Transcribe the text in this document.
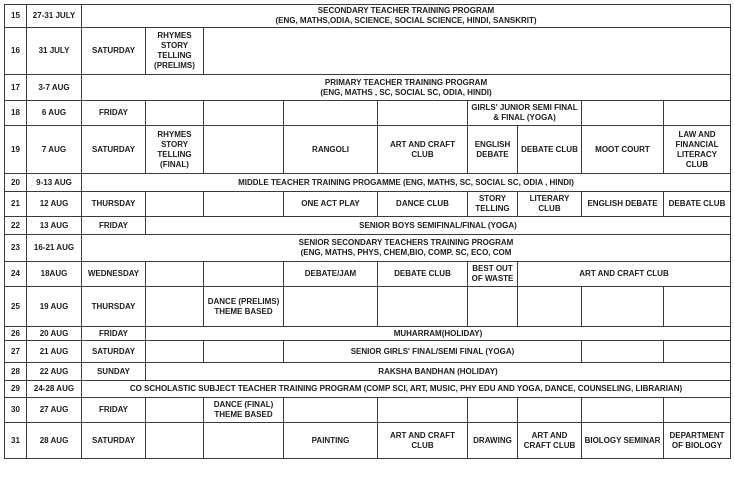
15	27-31 JULY	SECONDARY TEACHER TRAINING PROGRAM
(ENG, MATHS,ODIA, SCIENCE, SOCIAL SCIENCE, HINDI, SANSKRIT)								

16	31 JULY	SATURDAY	RHYMES STORY TELLING (PRELIMS)							
17	3-7 AUG	PRIMARY TEACHER TRAINING PROGRAM
(ENG, MATHS , SC, SOCIAL SC, ODIA, HINDI)								

18	6 AUG	FRIDAY					GIRLS' JUNIOR SEMI FINAL & FINAL (YOGA)			
19	7 AUG	SATURDAY	RHYMES STORY TELLING (FINAL)		RANGOLI	ART AND CRAFT CLUB	ENGLISH DEBATE	DEBATE CLUB	MOOT COURT	LAW AND FINANCIAL LITERACY CLUB
20	9-13 AUG	MIDDLE TEACHER TRAINING PROGAMME (ENG, MATHS, SC, SOCIAL SC, ODIA , HINDI)								
21	12 AUG	THURSDAY			ONE ACT PLAY	DANCE CLUB	STORY TELLING	LITERARY CLUB	ENGLISH DEBATE	DEBATE CLUB
22	13 AUG	FRIDAY	SENIOR BOYS SEMIFINAL/FINAL (YOGA)							
23	16-21 AUG	SENIOR SECONDARY TEACHERS TRAINING PROGRAM
(ENG, MATHS, PHYS, CHEM,BIO, COMP. SC, ECO, COM								

24	18AUG	WEDNESDAY			DEBATE/JAM	DEBATE CLUB	BEST OUT OF WASTE	ART AND CRAFT CLUB		
25	19 AUG	THURSDAY		DANCE (PRELIMS) THEME BASED						
26	20 AUG	FRIDAY	MUHARRAM(HOLIDAY)							
27	21 AUG	SATURDAY			SENIOR GIRLS' FINAL/SEMI FINAL (YOGA)					
28	22 AUG	SUNDAY	RAKSHA BANDHAN (HOLIDAY)							
29	24-28 AUG	CO SCHOLASTIC SUBJECT TEACHER TRAINING PROGRAM (COMP SCI, ART, MUSIC, PHY EDU AND YOGA, DANCE, COUNSELING, LIBRARIAN)								
30	27 AUG	FRIDAY		DANCE (FINAL) THEME BASED						
31	28 AUG	SATURDAY			PAINTING	ART AND CRAFT CLUB	DRAWING	ART AND CRAFT CLUB	BIOLOGY SEMINAR	DEPARTMENT OF BIOLOGY
